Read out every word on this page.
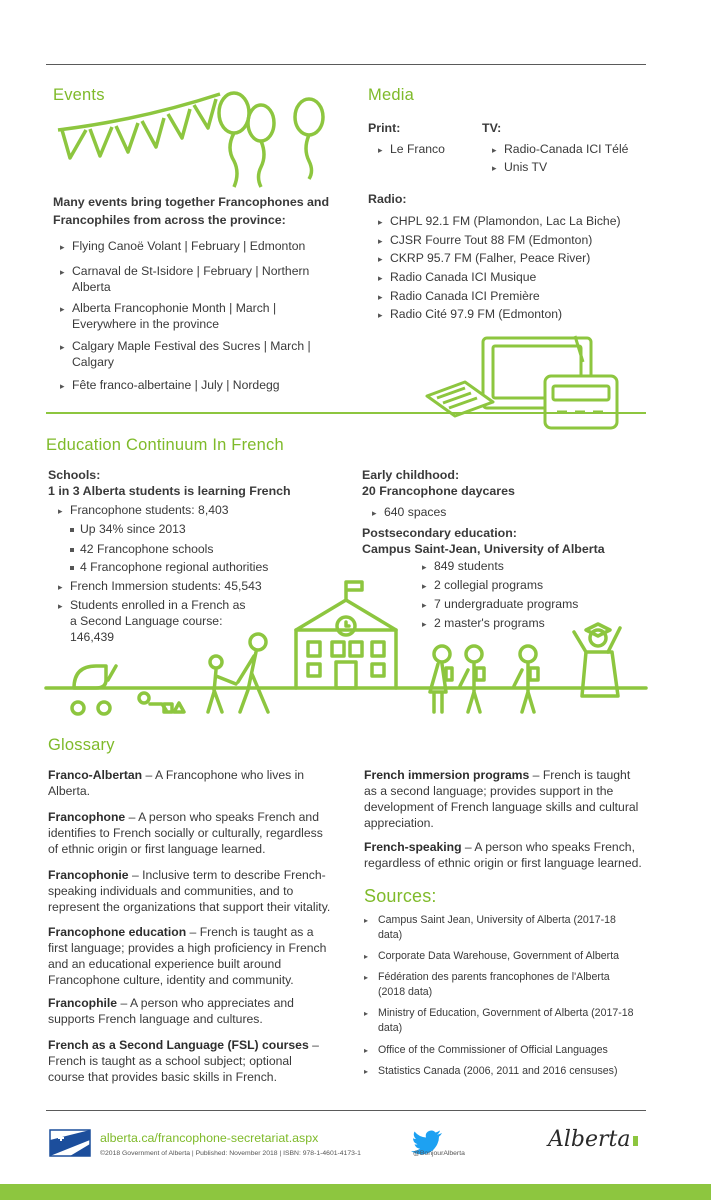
Events
Many events bring together Francophones and Francophiles from across the province:
▸ Flying Canoë Volant | February | Edmonton
▸ Carnaval de St-Isidore | February | Northern Alberta
▸ Alberta Francophonie Month | March | Everywhere in the province
▸ Calgary Maple Festival des Sucres | March | Calgary
▸ Fête franco-albertaine | July | Nordegg
Media
Print:
▸ Le Franco
TV:
▸ Radio-Canada ICI Télé
▸ Unis TV
Radio:
▸ CHPL 92.1 FM (Plamondon, Lac La Biche)
▸ CJSR Fourre Tout 88 FM (Edmonton)
▸ CKRP 95.7 FM (Falher, Peace River)
▸ Radio Canada ICI Musique
▸ Radio Canada ICI Première
▸ Radio Cité 97.9 FM (Edmonton)
Education Continuum In French
Schools:
1 in 3 Alberta students is learning French
▸ Francophone students: 8,403
Up 34% since 2013
42 Francophone schools
4 Francophone regional authorities
▸ French Immersion students: 45,543
▸ Students enrolled in a French as a Second Language course: 146,439
Early childhood:
20 Francophone daycares
▸ 640 spaces
Postsecondary education:
Campus Saint-Jean, University of Alberta
▸ 849 students
▸ 2 collegial programs
▸ 7 undergraduate programs
▸ 2 master's programs
Glossary
Franco-Albertan – A Francophone who lives in Alberta.
Francophone – A person who speaks French and identifies to French socially or culturally, regardless of ethnic origin or first language learned.
Francophonie – Inclusive term to describe French-speaking individuals and communities, and to represent the organizations that support their vitality.
Francophone education – French is taught as a first language; provides a high proficiency in French and an educational experience built around Francophone culture, identity and community.
Francophile – A person who appreciates and supports French language and cultures.
French as a Second Language (FSL) courses – French is taught as a school subject; optional course that provides basic skills in French.
French immersion programs – French is taught as a second language; provides support in the development of French language skills and cultural appreciation.
French-speaking – A person who speaks French, regardless of ethnic origin or first language learned.
Sources:
▸ Campus Saint Jean, University of Alberta (2017-18 data)
▸ Corporate Data Warehouse, Government of Alberta
▸ Fédération des parents francophones de l'Alberta (2018 data)
▸ Ministry of Education, Government of Alberta (2017-18 data)
▸ Office of the Commissioner of Official Languages
▸ Statistics Canada (2006, 2011 and 2016 censuses)
alberta.ca/francophone-secretariat.aspx
©2018 Government of Alberta | Published: November 2018 | ISBN: 978-1-4601-4173-1	@BonjourAlberta
Alberta
